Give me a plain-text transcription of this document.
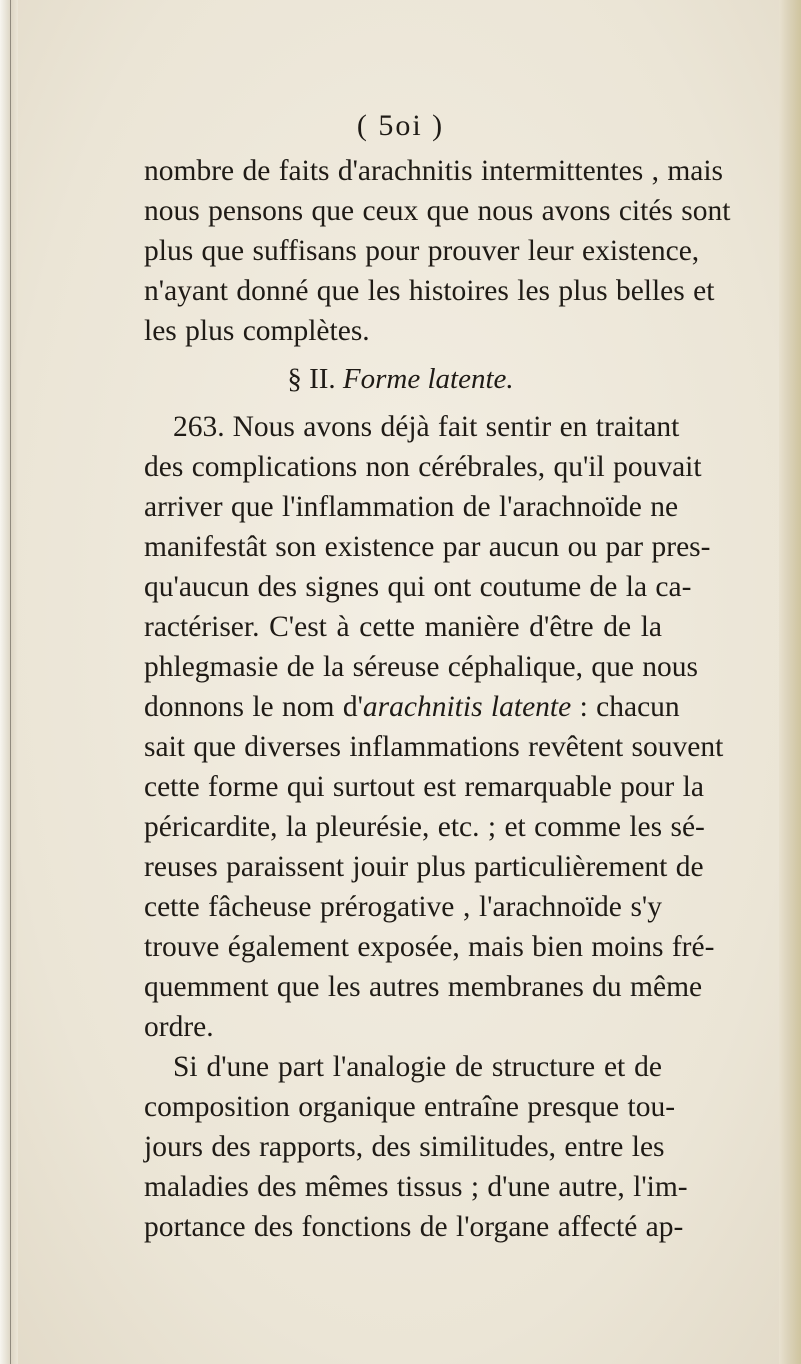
( 5oi )
nombre de faits d'arachnitis intermittentes , mais
nous pensons que ceux que nous avons cités sont
plus que suffisans pour prouver leur existence,
n'ayant donné que les histoires les plus belles et
les plus complètes.
§ II. Forme latente.
263. Nous avons déjà fait sentir en traitant
des complications non cérébrales, qu'il pouvait
arriver que l'inflammation de l'arachnoïde ne
manifestât son existence par aucun ou par pres-
qu'aucun des signes qui ont coutume de la ca-
ractériser. C'est à cette manière d'être de la
phlegmasie de la séreuse céphalique, que nous
donnons le nom d'arachnitis latente : chacun
sait que diverses inflammations revêtent souvent
cette forme qui surtout est remarquable pour la
péricardite, la pleurésie, etc. ; et comme les sé-
reuses paraissent jouir plus particulièrement de
cette fâcheuse prérogative , l'arachnoïde s'y
trouve également exposée, mais bien moins fré-
quemment que les autres membranes du même
ordre.
Si d'une part l'analogie de structure et de
composition organique entraîne presque tou-
jours des rapports, des similitudes, entre les
maladies des mêmes tissus ; d'une autre, l'im-
portance des fonctions de l'organe affecté ap-
